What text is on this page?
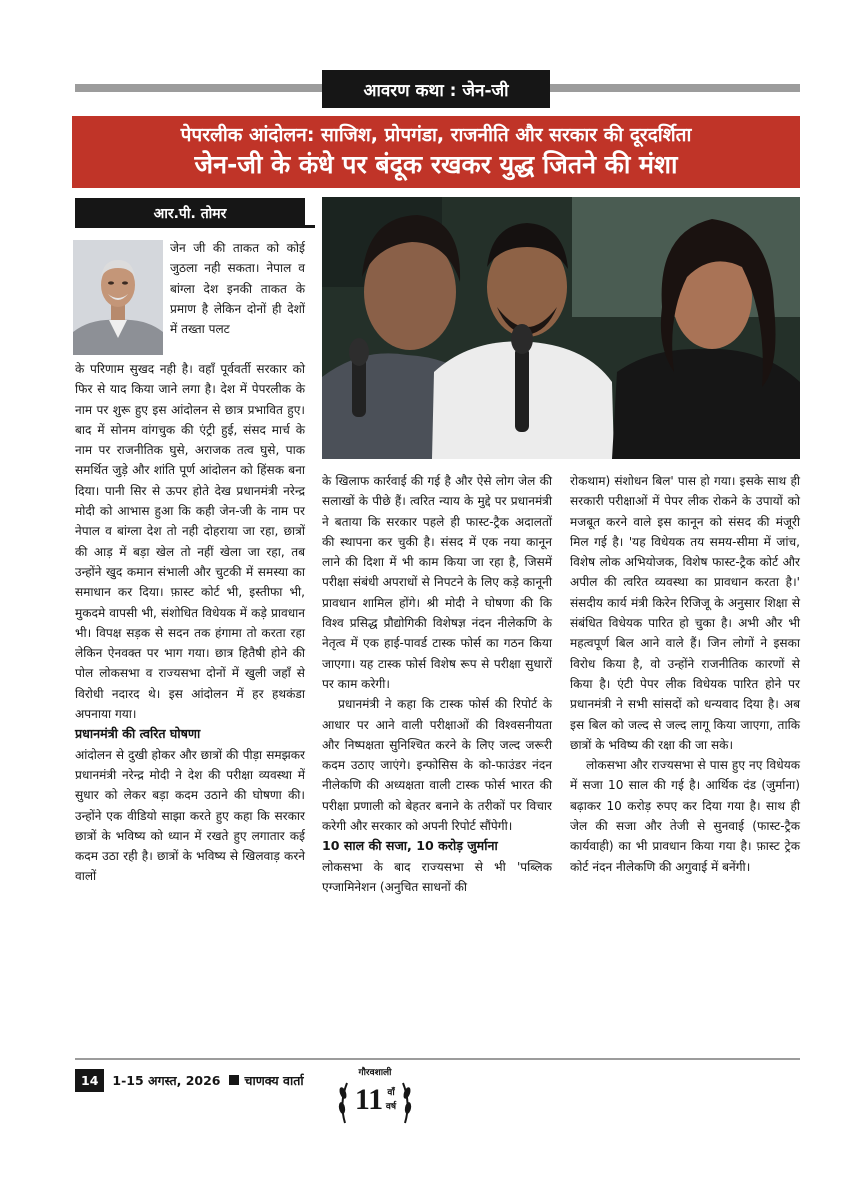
आवरण कथा : जेन-जी
पेपरलीक आंदोलन: साजिश, प्रोपगंडा, राजनीति और सरकार की दूरदर्शिता
जेन-जी के कंधे पर बंदूक रखकर युद्ध जितने की मंशा
आर.पी. तोमर

जेन जी की ताकत को कोई जुठला नही सकता। नेपाल व बांग्ला देश इनकी ताकत के प्रमाण है लेकिन दोनों ही देशों में तख्ता पलट

के परिणाम सुखद नही है। वहाँ पूर्ववर्ती सरकार को फिर से याद किया जाने लगा है। देश में पेपरलीक के नाम पर शुरू हुए इस आंदोलन से छात्र प्रभावित हुए। बाद में सोनम वांगचुक की एंट्री हुई, संसद मार्च के नाम पर राजनीतिक घुसे, अराजक तत्व घुसे, पाक समर्थित जुड़े और शांति पूर्ण आंदोलन को हिंसक बना दिया। पानी सिर से ऊपर होते देख प्रधानमंत्री नरेन्द्र मोदी को आभास हुआ कि कही जेन-जी के नाम पर नेपाल व बांग्ला देश तो नही दोहराया जा रहा, छात्रों की आड़ में बड़ा खेल तो नहीं खेला जा रहा, तब उन्होंने खुद कमान संभाली और चुटकी में समस्या का समाधान कर दिया। फ़ास्ट कोर्ट भी, इस्तीफा भी, मुकदमे वापसी भी, संशोधित विधेयक में कड़े प्रावधान भी। विपक्ष सड़क से सदन तक हंगामा तो करता रहा लेकिन ऐनवक्त पर भाग गया। छात्र हितैषी होने की पोल लोकसभा व राज्यसभा दोनों में खुली जहाँ से विरोधी नदारद थे। इस आंदोलन में हर हथकंडा अपनाया गया।

प्रधानमंत्री की त्वरित घोषणा

आंदोलन से दुखी होकर और छात्रों की पीड़ा समझकर प्रधानमंत्री नरेन्द्र मोदी ने देश की परीक्षा व्यवस्था में सुधार को लेकर बड़ा कदम उठाने की घोषणा की। उन्होंने एक वीडियो साझा करते हुए कहा कि सरकार छात्रों के भविष्य को ध्यान में रखते हुए लगातार कई कदम उठा रही है। छात्रों के भविष्य से खिलवाड़ करने वालों

के खिलाफ कार्रवाई की गई है और ऐसे लोग जेल की सलाखों के पीछे हैं। त्वरित न्याय के मुद्दे पर प्रधानमंत्री ने बताया कि सरकार पहले ही फास्ट-ट्रैक अदालतों की स्थापना कर चुकी है। संसद में एक नया कानून लाने की दिशा में भी काम किया जा रहा है, जिसमें परीक्षा संबंधी अपराधों से निपटने के लिए कड़े कानूनी प्रावधान शामिल होंगे। श्री मोदी ने घोषणा की कि विश्व प्रसिद्ध प्रौद्योगिकी विशेषज्ञ नंदन नीलेकणि के नेतृत्व में एक हाई-पावर्ड टास्क फोर्स का गठन किया जाएगा। यह टास्क फोर्स विशेष रूप से परीक्षा सुधारों पर काम करेगी।

प्रधानमंत्री ने कहा कि टास्क फोर्स की रिपोर्ट के आधार पर आने वाली परीक्षाओं की विश्वसनीयता और निष्पक्षता सुनिश्चित करने के लिए जल्द जरूरी कदम उठाए जाएंगे। इन्फोसिस के को-फाउंडर नंदन नीलेकणि की अध्यक्षता वाली टास्क फोर्स भारत की परीक्षा प्रणाली को बेहतर बनाने के तरीकों पर विचार करेगी और सरकार को अपनी रिपोर्ट सौंपेगी।

10 साल की सजा, 10 करोड़ जुर्माना

लोकसभा के बाद राज्यसभा से भी 'पब्लिक एग्जामिनेशन (अनुचित साधनों की

रोकथाम) संशोधन बिल' पास हो गया। इसके साथ ही सरकारी परीक्षाओं में पेपर लीक रोकने के उपायों को मजबूत करने वाले इस कानून को संसद की मंजूरी मिल गई है। 'यह विधेयक तय समय-सीमा में जांच, विशेष लोक अभियोजक, विशेष फास्ट-ट्रैक कोर्ट और अपील की त्वरित व्यवस्था का प्रावधान करता है।' संसदीय कार्य मंत्री किरेन रिजिजू के अनुसार शिक्षा से संबंधित विधेयक पारित हो चुका है। अभी और भी महत्वपूर्ण बिल आने वाले हैं। जिन लोगों ने इसका विरोध किया है, वो उन्होंने राजनीतिक कारणों से किया है। एंटी पेपर लीक विधेयक पारित होने पर प्रधानमंत्री ने सभी सांसदों को धन्यवाद दिया है। अब इस बिल को जल्द से जल्द लागू किया जाएगा, ताकि छात्रों के भविष्य की रक्षा की जा सके।

लोकसभा और राज्यसभा से पास हुए नए विधेयक में सजा 10 साल की गई है। आर्थिक दंड (जुर्माना) बढ़ाकर 10 करोड़ रुपए कर दिया गया है। साथ ही जेल की सजा और तेजी से सुनवाई (फास्ट-ट्रैक कार्यवाही) का भी प्रावधान किया गया है। फ़ास्ट ट्रेक कोर्ट नंदन नीलेकणि की अगुवाई में बनेंगी।

14	1-15 अगस्त, 2026 चाणक्य वार्ता	गौरवशाली
11 वाँ
वर्ष
